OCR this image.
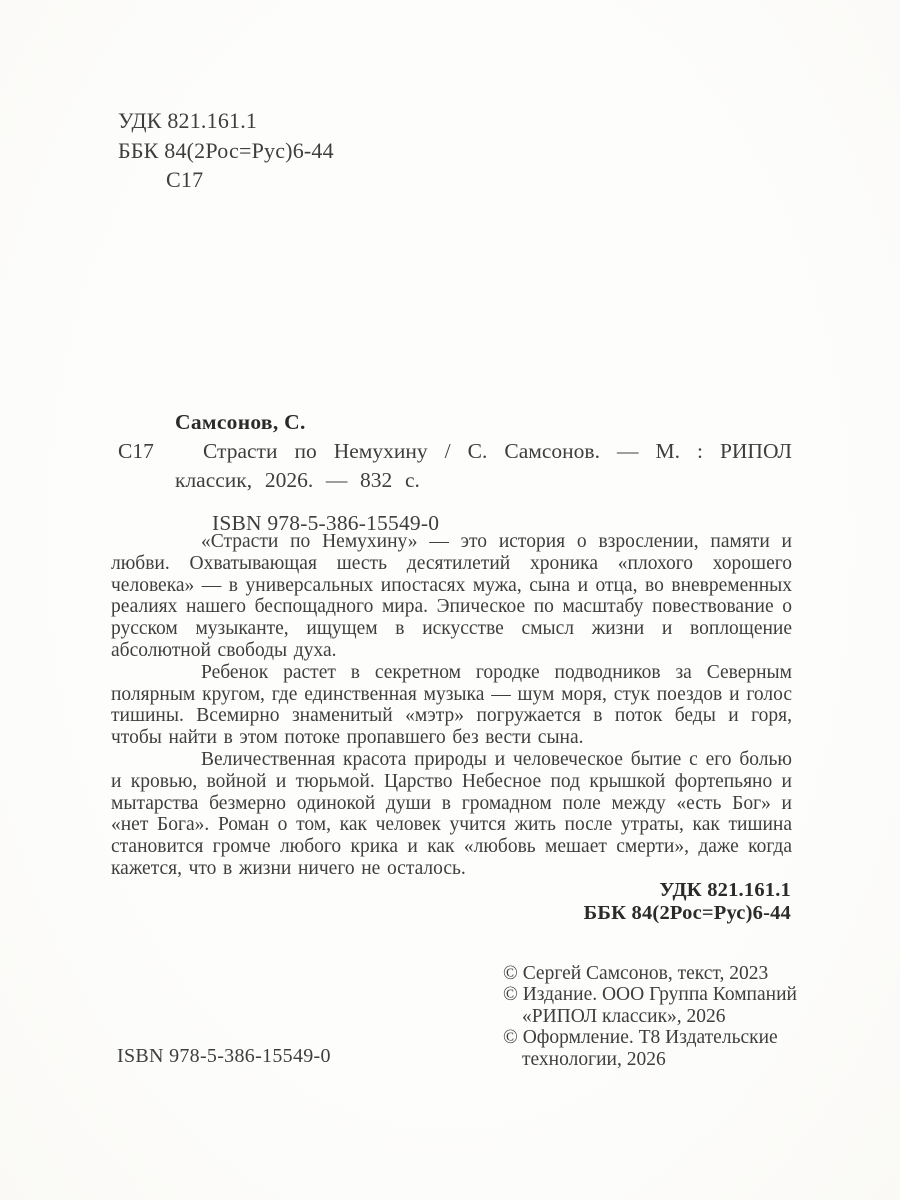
УДК 821.161.1
ББК 84(2Рос=Рус)6-44
С17
Самсонов, С.
С17 Страсти по Немухину / С. Самсонов. — М. : РИПОЛ классик, 2026. — 832 с.
ISBN 978-5-386-15549-0

«Страсти по Немухину» — это история о взрослении, памяти и любви. Охватывающая шесть десятилетий хроника «плохого хорошего человека» — в универсальных ипостасях мужа, сына и отца, во вневременных реалиях нашего беспощадного мира. Эпическое по масштабу повествование о русском музыканте, ищущем в искусстве смысл жизни и воплощение абсолютной свободы духа.

Ребенок растет в секретном городке подводников за Северным полярным кругом, где единственная музыка — шум моря, стук поездов и голос тишины. Всемирно знаменитый «мэтр» погружается в поток беды и горя, чтобы найти в этом потоке пропавшего без вести сына.

Величественная красота природы и человеческое бытие с его болью и кровью, войной и тюрьмой. Царство Небесное под крышкой фортепьяно и мытарства безмерно одинокой души в громадном поле между «есть Бог» и «нет Бога». Роман о том, как человек учится жить после утраты, как тишина становится громче любого крика и как «любовь мешает смерти», даже когда кажется, что в жизни ничего не осталось.

УДК 821.161.1
ББК 84(2Рос=Рус)6-44
© Сергей Самсонов, текст, 2023
© Издание. ООО Группа Компаний «РИПОЛ классик», 2026
© Оформление. Т8 Издательские технологии, 2026
ISBN 978-5-386-15549-0
